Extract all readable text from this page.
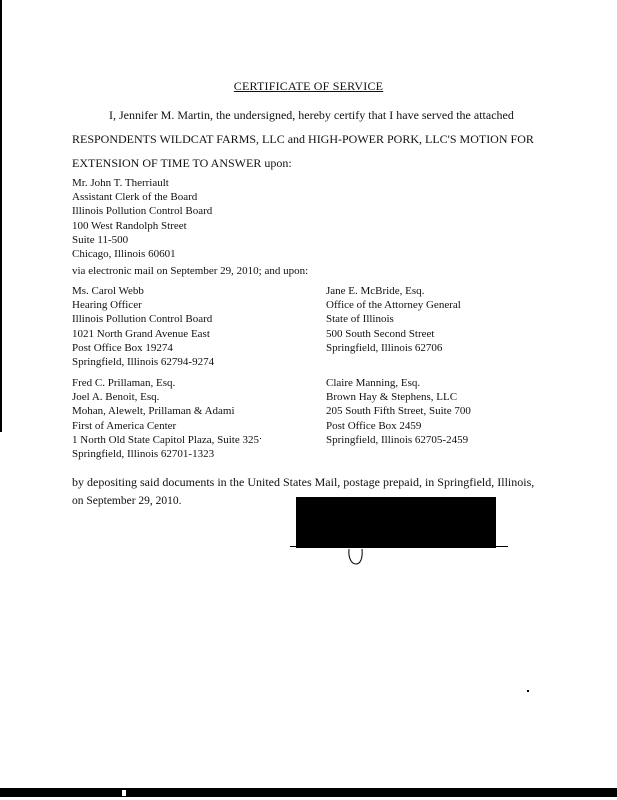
CERTIFICATE OF SERVICE
I, Jennifer M. Martin, the undersigned, hereby certify that I have served the attached
RESPONDENTS WILDCAT FARMS, LLC and HIGH-POWER PORK, LLC'S MOTION FOR
EXTENSION OF TIME TO ANSWER upon:
Mr. John T. Therriault
Assistant Clerk of the Board
Illinois Pollution Control Board
100 West Randolph Street
Suite 11-500
Chicago, Illinois 60601
via electronic mail on September 29, 2010; and upon:
Ms. Carol Webb
Hearing Officer
Illinois Pollution Control Board
1021 North Grand Avenue East
Post Office Box 19274
Springfield, Illinois 62794-9274
Jane E. McBride, Esq.
Office of the Attorney General
State of Illinois
500 South Second Street
Springfield, Illinois 62706
Fred C. Prillaman, Esq.
Joel A. Benoit, Esq.
Mohan, Alewelt, Prillaman & Adami
First of America Center
1 North Old State Capitol Plaza, Suite 325
Springfield, Illinois 62701-1323
Claire Manning, Esq.
Brown Hay & Stephens, LLC
205 South Fifth Street, Suite 700
Post Office Box 2459
Springfield, Illinois 62705-2459
by depositing said documents in the United States Mail, postage prepaid, in Springfield, Illinois,
on September 29, 2010.
